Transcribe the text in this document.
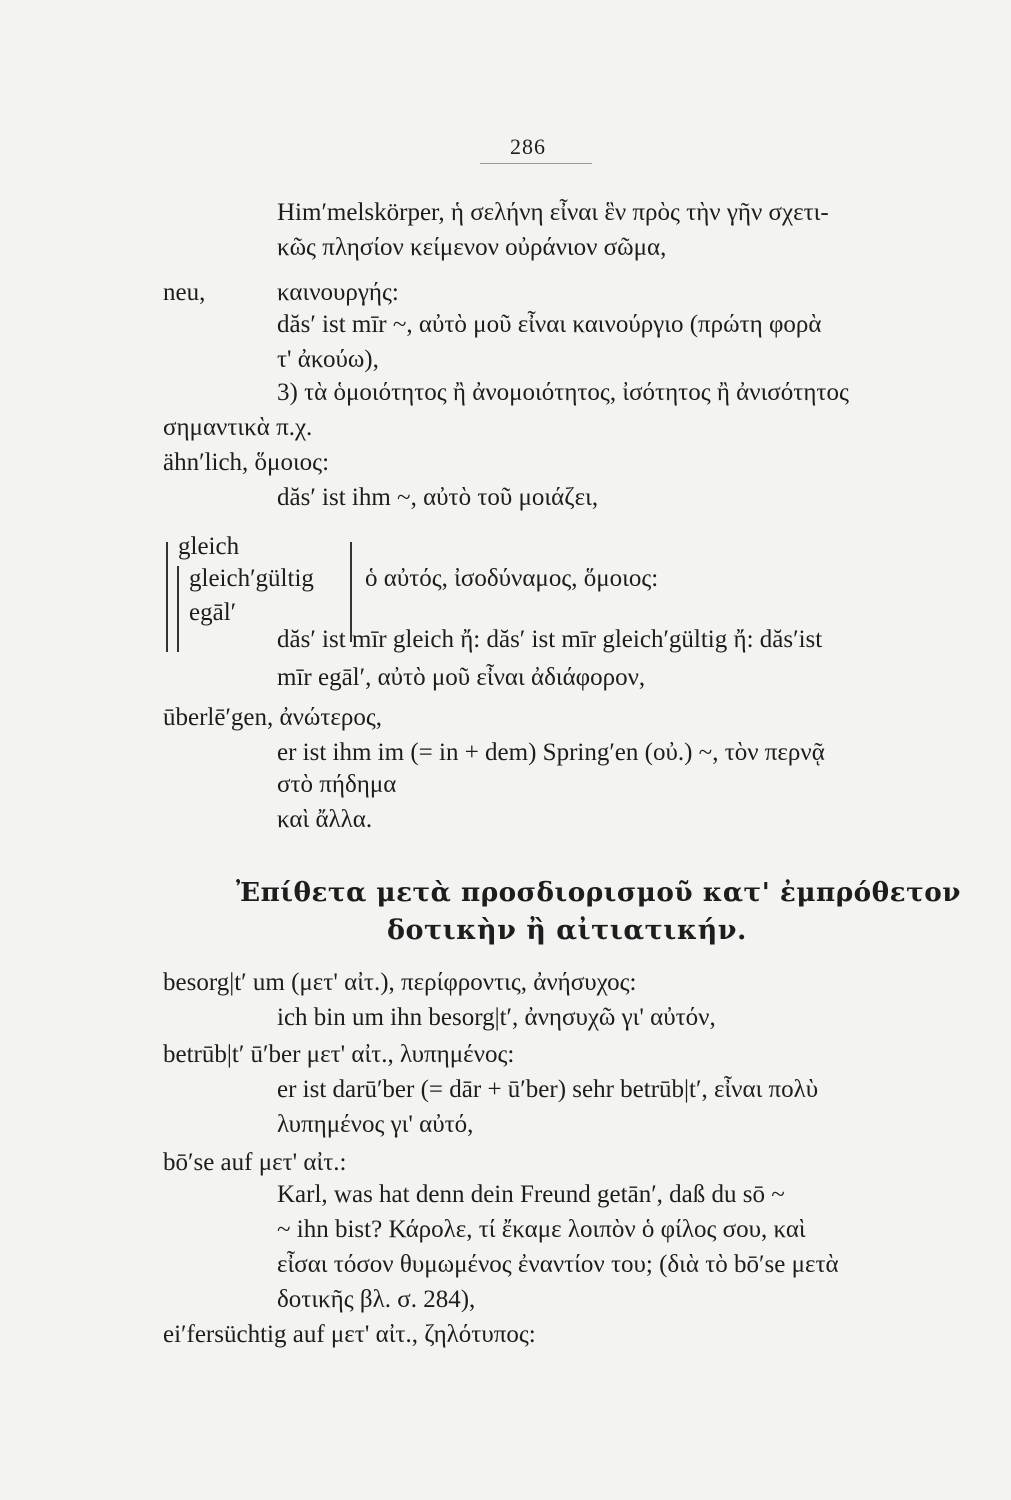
286
Him′melskörper, ἡ σελήνη εἶναι ἓν πρὸς τὴν γῆν σχετι-
κῶς πλησίον κείμενον οὐράνιον σῶμα,
neu,	καινουργής:
dăs′ ist mīr ~, αὐτὸ μοῦ εἶναι καινούργιο (πρώτη φορὰ
τ' ἀκούω),
3) τὰ ὁμοιότητος ἢ ἀνομοιότητος, ἰσότητος ἢ ἀνισότητος
σημαντικὰ π.χ.
ähn′lich, ὅμοιος:
dăs′ ist ihm ~, αὐτὸ τοῦ μοιάζει,
gleich
gleich′gültig
egāl′
ὁ αὐτός, ἰσοδύναμος, ὅμοιος:
dăs′ ist mīr gleich ἤ: dăs′ ist mīr gleich′gültig ἤ: dăs′ist
mīr egāl′, αὐτὸ μοῦ εἶναι ἀδιάφορον,
ūberlē′gen, ἀνώτερος,
er ist ihm im (= in + dem) Spring′en (οὐ.) ~, τὸν περνᾷ
στὸ πήδημα
καὶ ἄλλα.
Ἐπίθετα μετὰ προσδιορισμοῦ κατ' ἐμπρόθετον
δοτικὴν ἢ αἰτιατικήν.
besorg|t′ um (μετ' αἰτ.), περίφροντις, ἀνήσυχος:
ich bin um ihn besorg|t′, ἀνησυχῶ γι' αὐτόν,
betrūb|t′ ū′ber μετ' αἰτ., λυπημένος:
er ist darū′ber (= dār + ū′ber) sehr betrūb|t′, εἶναι πολὺ
λυπημένος γι' αὐτό,
bō′se auf μετ' αἰτ.:
Karl, was hat denn dein Freund getān′, daß du sō ~
~ ihn bist? Κάρολε, τί ἔκαμε λοιπὸν ὁ φίλος σου, καὶ
εἶσαι τόσον θυμωμένος ἐναντίον του; (διὰ τὸ bō′se μετὰ
δοτικῆς βλ. σ. 284),
ei′fersüchtig auf μετ' αἰτ., ζηλότυπος:
